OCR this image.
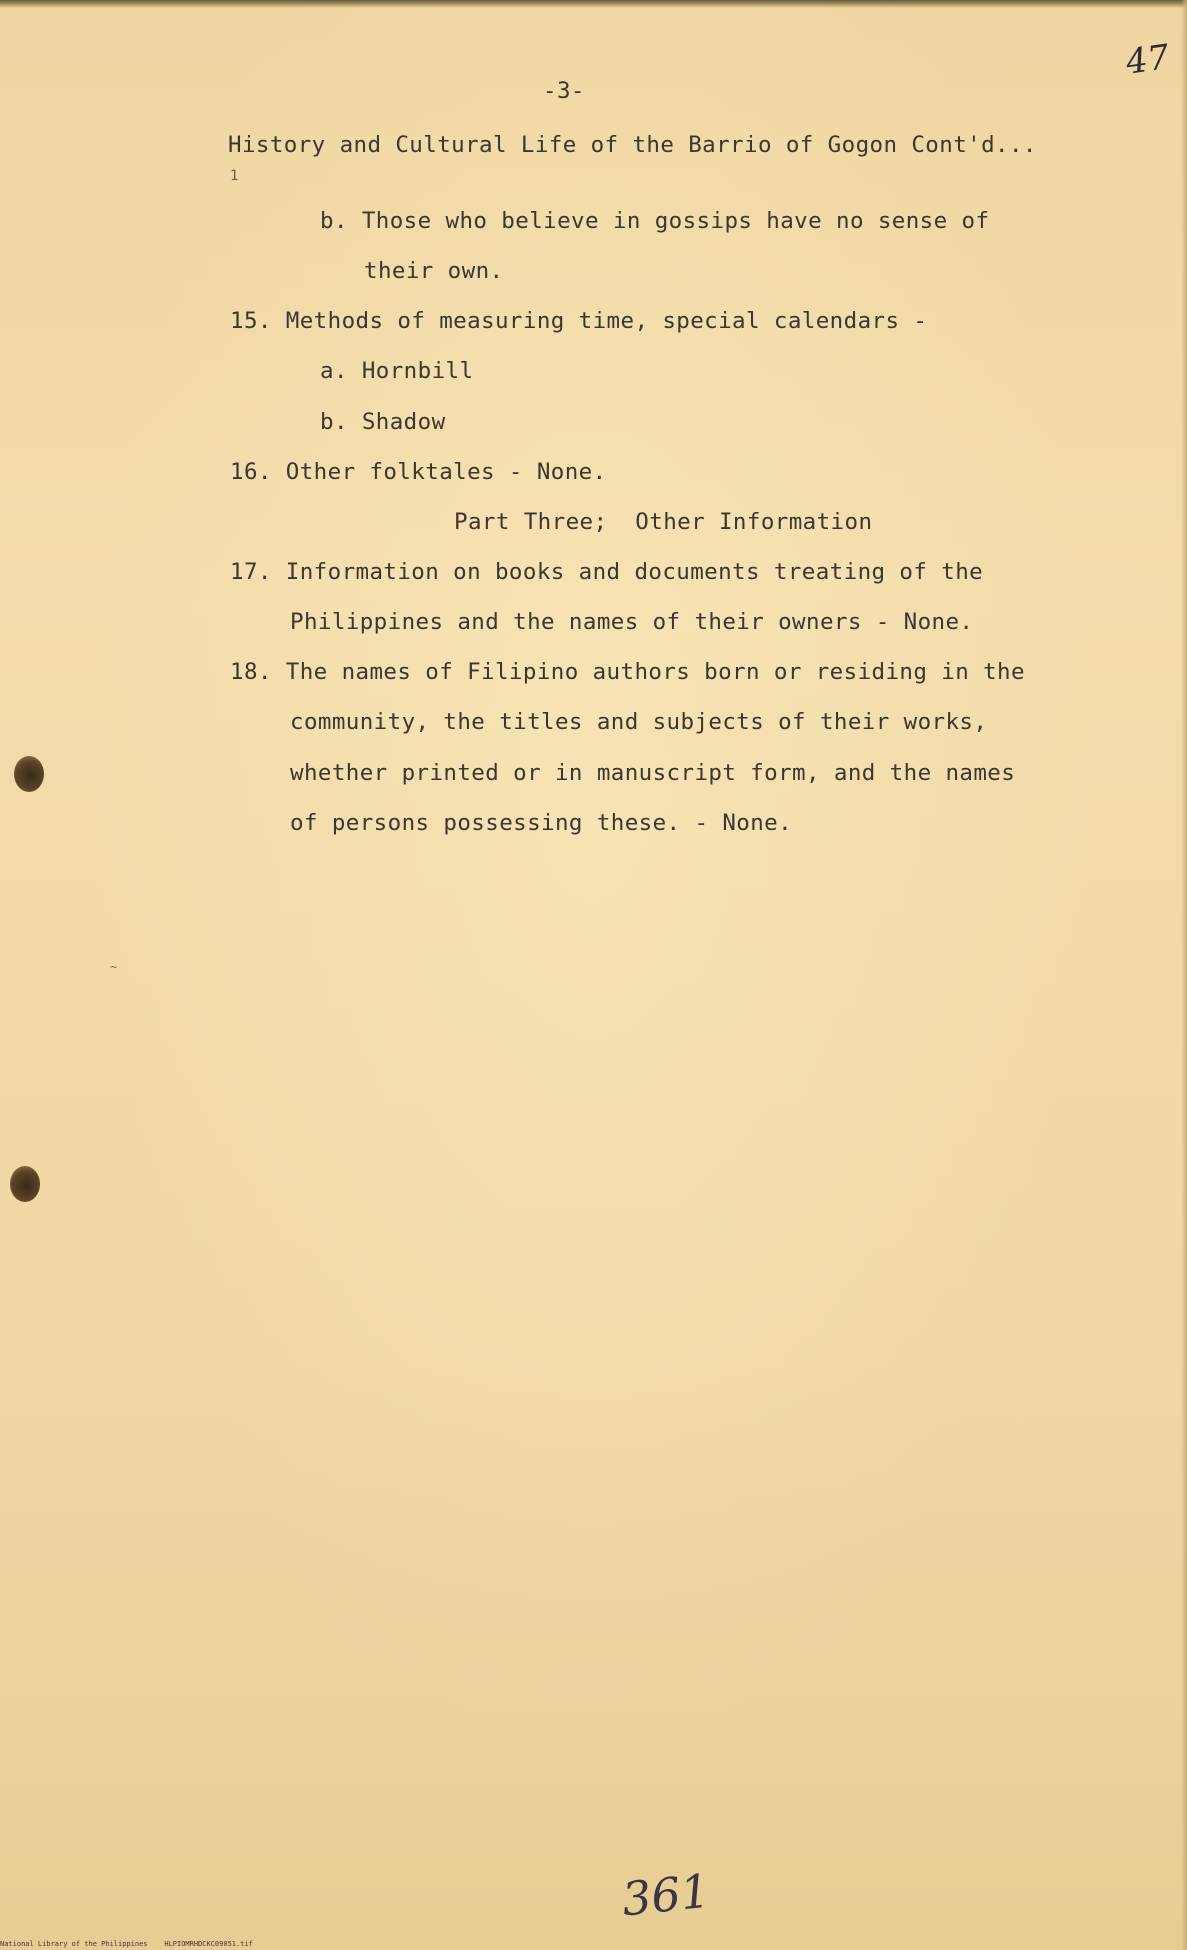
-3-
47
History and Cultural Life of the Barrio of Gogon Cont'd...
1
b. Those who believe in gossips have no sense of
their own.
15. Methods of measuring time, special calendars -
a. Hornbill
b. Shadow
16. Other folktales - None.
Part Three;  Other Information
17. Information on books and documents treating of the
Philippines and the names of their owners - None.
18. The names of Filipino authors born or residing in the
community, the titles and subjects of their works,
whether printed or in manuscript form, and the names
of persons possessing these. - None.
~
361
National Library of the Philippines    HLPIOMRHDCKC09051.tif
